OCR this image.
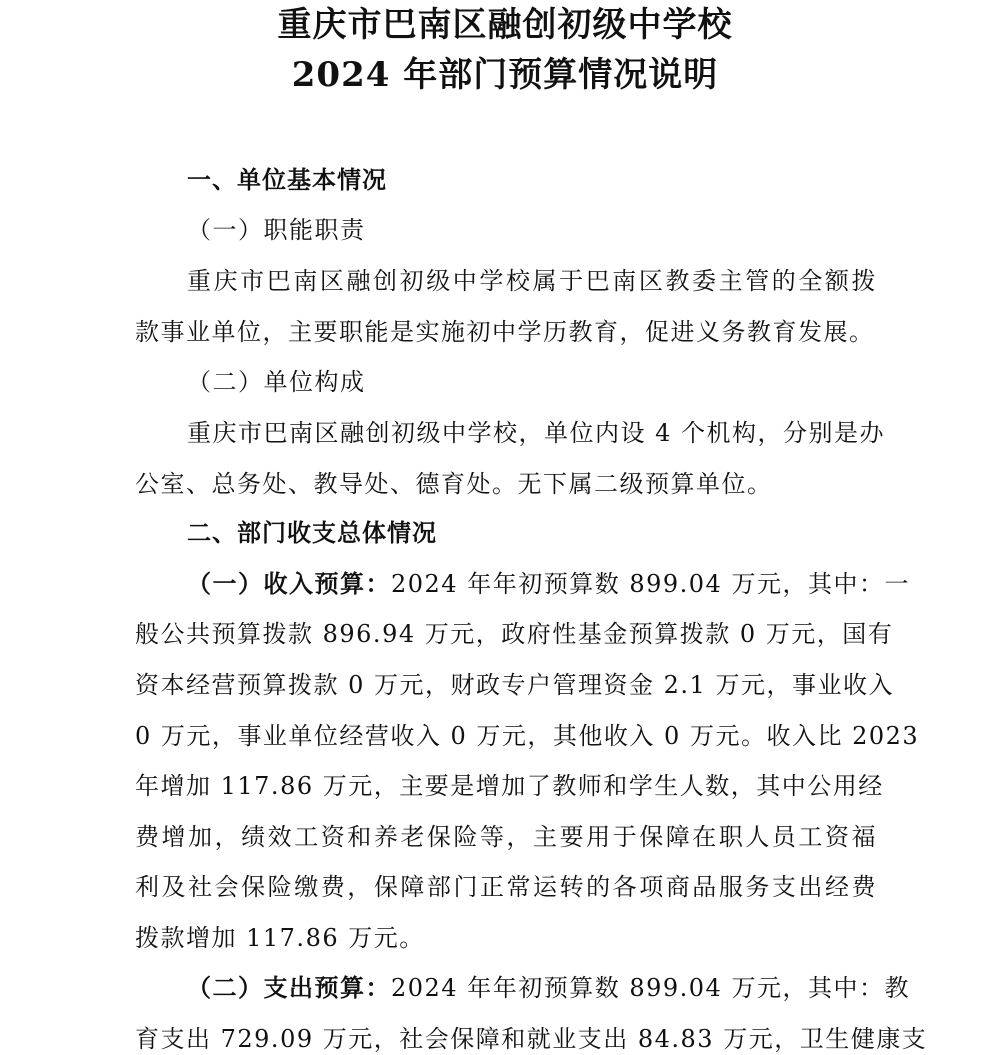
重庆市巴南区融创初级中学校
2024 年部门预算情况说明
一、单位基本情况
（一）职能职责
重庆市巴南区融创初级中学校属于巴南区教委主管的全额拨
款事业单位，主要职能是实施初中学历教育，促进义务教育发展。
（二）单位构成
重庆市巴南区融创初级中学校，单位内设 4 个机构，分别是办
公室、总务处、教导处、德育处。无下属二级预算单位。
二、部门收支总体情况
（一）收入预算：2024 年年初预算数 899.04 万元，其中：一
般公共预算拨款 896.94 万元，政府性基金预算拨款 0 万元，国有
资本经营预算拨款 0 万元，财政专户管理资金 2.1 万元，事业收入
0 万元，事业单位经营收入 0 万元，其他收入 0 万元。收入比 2023
年增加 117.86 万元，主要是增加了教师和学生人数，其中公用经
费增加，绩效工资和养老保险等，主要用于保障在职人员工资福
利及社会保险缴费，保障部门正常运转的各项商品服务支出经费
拨款增加 117.86 万元。
（二）支出预算：2024 年年初预算数 899.04 万元，其中：教
育支出 729.09 万元，社会保障和就业支出 84.83 万元，卫生健康支
